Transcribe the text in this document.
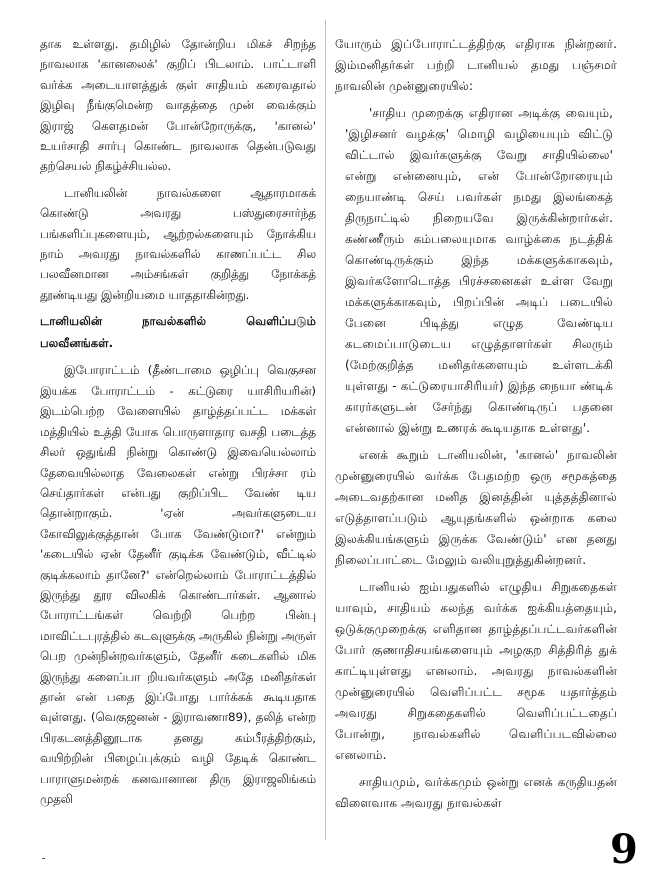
தாக உள்ளது. தமிழில் தோன்றிய மிகச் சிறந்த நாவலாக 'கானலைக்' குறிப் பிடலாம். பாட்டாளி வர்க்க அடையாளத்துக் குள் சாதியம் கரைவதால் இழிவு நீங்குமென்ற வாதத்தை முன் வைக்கும் இராஜ் கௌதமன் போன்றோருக்கு, 'கானல்' உயர்சாதி சார்பு கொண்ட நாவலாக தென்படுவது தற்செயல் நிகழ்ச்சியல்ல.

டானியலின் நாவல்களை ஆதாரமாகக் கொண்டு அவரது பஸ்துரைசார்ந்த பங்களிப்புகளையும், ஆற்றல்களையும் நோக்கிய நாம் அவரது நாவல்களில் காணப்பட்ட சில பலவீனமான அம்சங்கள் குறித்து நோக்கத் தூண்டியது இன்றியமை யாததாகின்றது.

டானியலின் நாவல்களில் வெளிப்படும் பலவீனங்கள்.

இபோராட்டம் (தீண்டாமை ஒழிப்பு வெகுசன இயக்க போராட்டம் - கட்டுரை யாசிரியரின்) இடம்பெற்ற வேளையில் தாழ்த்தப்பட்ட மக்கள் மத்தியில் உத்தி யோக பொருளாதார வசதி படைத்த சிலர் ஒதுங்கி நின்று கொண்டு இவையெல்லாம் தேவையில்லாத வேலைகள் என்று பிரச்சா ரம் செய்தார்கள் என்பது குறிப்பிட வேண் டிய தொன்றாகும். 'ஏன் அவர்களுடைய கோவிலுக்குத்தான் போக வேண்டுமா?' என்றும் 'கடையில் ஏன் தேனீர் குடிக்க வேண்டும், வீட்டில் குடிக்கலாம் தானே?' என்றெல்லாம் போராட்டத்தில் இருந்து தூர விலகிக் கொண்டார்கள். ஆனால் போராட்டங்கள் வெற்றி பெற்ற பின்பு மாவிட்டபுரத்தில் கடவுளுக்கு அருகில் நின்று அருள் பெற முன்நின்றவர்களும், தேனீர் கடைகளில் மிக இருந்து களைப்பா றியவர்களும் அதே மனிதர்கள் தான் என் பதை இப்போது பார்க்கக் கூடியதாக வுள்ளது. (வெகுஜனன் - இராவணா89), தலித் என்ற பிரகடனத்தினூடாக தனது கம்பீரத்திற்கும், வயிற்றின் பிழைப்புக்கும் வழி தேடிக் கொண்ட பாராளுமன்றக் கனவானான திரு இராஜலிங்கம் முதலி

யோரும் இப்போராட்டத்திற்கு எதிராக நின்றனர். இம்மனிதர்கள் பற்றி டானியல் தமது பஞ்சமர் நாவலின் முன்னுரையில்:

'சாதிய முறைக்கு எதிரான அடிக்கு வையும், 'இழிசனர் வழக்கு' மொழி வழியையும் விட்டு விட்டால் இவர்களுக்கு வேறு சாதியில்லை' என்று என்னையும், என் போன்றோரையும் நையாண்டி செய் பவர்கள் நமது இலங்கைத் திருநாட்டில் நிறையவே இருக்கின்றார்கள். கண்ணீரும் கம்பலையுமாக வாழ்க்கை நடத்திக் கொண்டிருக்கும் இந்த மக்களுக்காகவும், இவர்களோடொத்த பிரச்சனைகள் உள்ள வேறு மக்களுக்காகவும், பிறப்பின் அடிப் படையில் பேனை பிடித்து எழுத வேண்டிய கடமைப்பாடுடைய எழுத்தாளர்கள் சிலரும் (மேற்குறித்த மனிதர்களையும் உள்ளடக்கி யுள்ளது - கட்டுரையாசிரியர்) இந்த நையா ண்டிக் காரர்களுடன் சேர்ந்து கொண்டிருப் பதனை என்னால் இன்று உணரக் கூடியதாக உள்ளது'.

எனக் கூறும் டானியலின், 'கானல்' நாவலின் முன்னுரையில் வர்க்க பேதமற்ற ஒரு சமூகத்தை அடைவதற்கான மனித இனத்தின் யுத்தத்தினால் எடுத்தாளப்படும் ஆயுதங்களில் ஒன்றாக கலை இலக்கியங்களும் இருக்க வேண்டும்' என தனது நிலைப்பாட்டை மேலும் வலியுறுத்துகின்றனர்.

டானியல் ஐம்பதுகளில் எழுதிய சிறுகதைகள் யாவும், சாதியம் கலந்த வர்க்க ஐக்கியத்தையும், ஒடுக்குமுறைக்கு எளிதான தாழ்த்தப்பட்டவர்களின் போர் குணாதிசயங்களையும் அழகுற சித்திரித் துக் காட்டியுள்ளது எனலாம். அவரது நாவல்களின் முன்னுரையில் வெளிப்பட்ட சமூக யதார்த்தம் அவரது சிறுகதைகளில் வெளிப்பட்டதைப் போன்று, நாவல்களில் வெளிப்படவில்லை எனலாம்.

சாதியமும், வர்க்கமும் ஒன்று எனக் கருதியதன் விளைவாக அவரது நாவல்கள்

9
